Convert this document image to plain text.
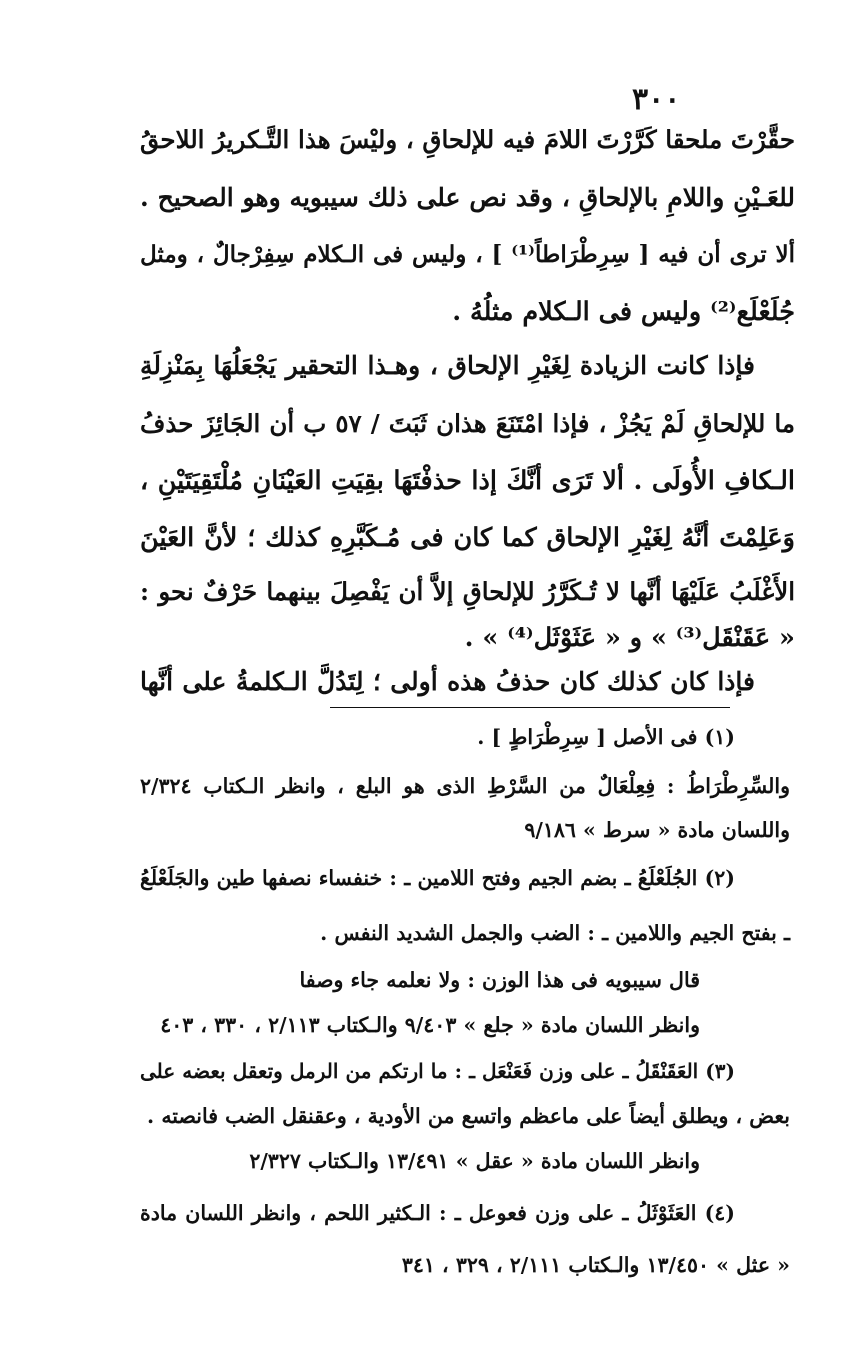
٣٠٠
حقَّرْتَ ملحقا كَرَّرْتَ اللامَ فيه للإلحاقِ ، وليْسَ هذا التَّـكريرُ اللاحقُ
للعَـيْنِ واللامِ بالإلحاقِ ، وقد نص على ذلك سيبويه وهو الصحيح .
ألا ترى أن فيه [ سِرِطْرَاطاً⁽¹⁾ ] ، وليس فى الـكلام سِفِرْجالٌ ، ومثل
جُلَعْلَع⁽²⁾ وليس فى الـكلام مثلُهُ .
فإذا كانت الزيادة لِغَيْرِ الإلحاق ، وهـذا التحقير يَجْعَلُهَا بِمَنْزِلَةِ
ما للإلحاقِ لَمْ يَجُزْ ، فإذا امْتَنَعَ هذان ثَبَتَ / ٥٧ ب أن الجَائِزَ حذفُ
الـكافِ الأُولَى . ألا تَرَى أنَّكَ إذا حذفْتَهَا بقِيَتِ العَيْنَانِ مُلْتَقِيَتَيْنِ ،
وَعَلِمْتَ أنَّهُ لِغَيْرِ الإلحاق كما كان فى مُـكَبَّرِهِ كذلك ؛ لأنَّ العَيْنَ
الأَغْلَبُ عَلَيْهَا أنَّها لا تُـكَرَّرُ للإلحاقِ إلاَّ أن يَفْصِلَ بينهما حَرْفٌ نحو :
« عَقَنْقَل⁽³⁾ » و « عَثَوْثَل⁽⁴⁾ » .
فإذا كان كذلك كان حذفُ هذه أولى ؛ لِتَدُلَّ الـكلمةُ على أنَّها
(١) فى الأصل [ سِرِطْرَاطٍ ] .
والسِّرِطْرَاطُ : فِعِلْعَالٌ من السَّرْطِ الذى هو البلع ، وانظر الـكتاب ٢/٣٢٤
واللسان مادة « سرط » ٩/١٨٦
(٢) الجُلَعْلَعُ ـ بضم الجيم وفتح اللامين ـ : خنفساء نصفها طين والجَلَعْلَعُ
ـ بفتح الجيم واللامين ـ : الضب والجمل الشديد النفس .
قال سيبويه فى هذا الوزن : ولا نعلمه جاء وصفا
وانظر اللسان مادة « جلع » ٩/٤٠٣ والـكتاب ٢/١١٣ ، ٣٣٠ ، ٤٠٣
(٣) العَقَنْقَلُ ـ على وزن فَعَنْعَل ـ : ما ارتكم من الرمل وتعقل بعضه على
بعض ، ويطلق أيضاً على ماعظم واتسع من الأودية ، وعقنقل الضب فانصته .
وانظر اللسان مادة « عقل » ١٣/٤٩١ والـكتاب ٢/٣٢٧
(٤) العَثَوْثَلُ ـ على وزن فعوعل ـ : الـكثير اللحم ، وانظر اللسان مادة
« عثل » ١٣/٤٥٠ والـكتاب ٢/١١١ ، ٣٢٩ ، ٣٤١
